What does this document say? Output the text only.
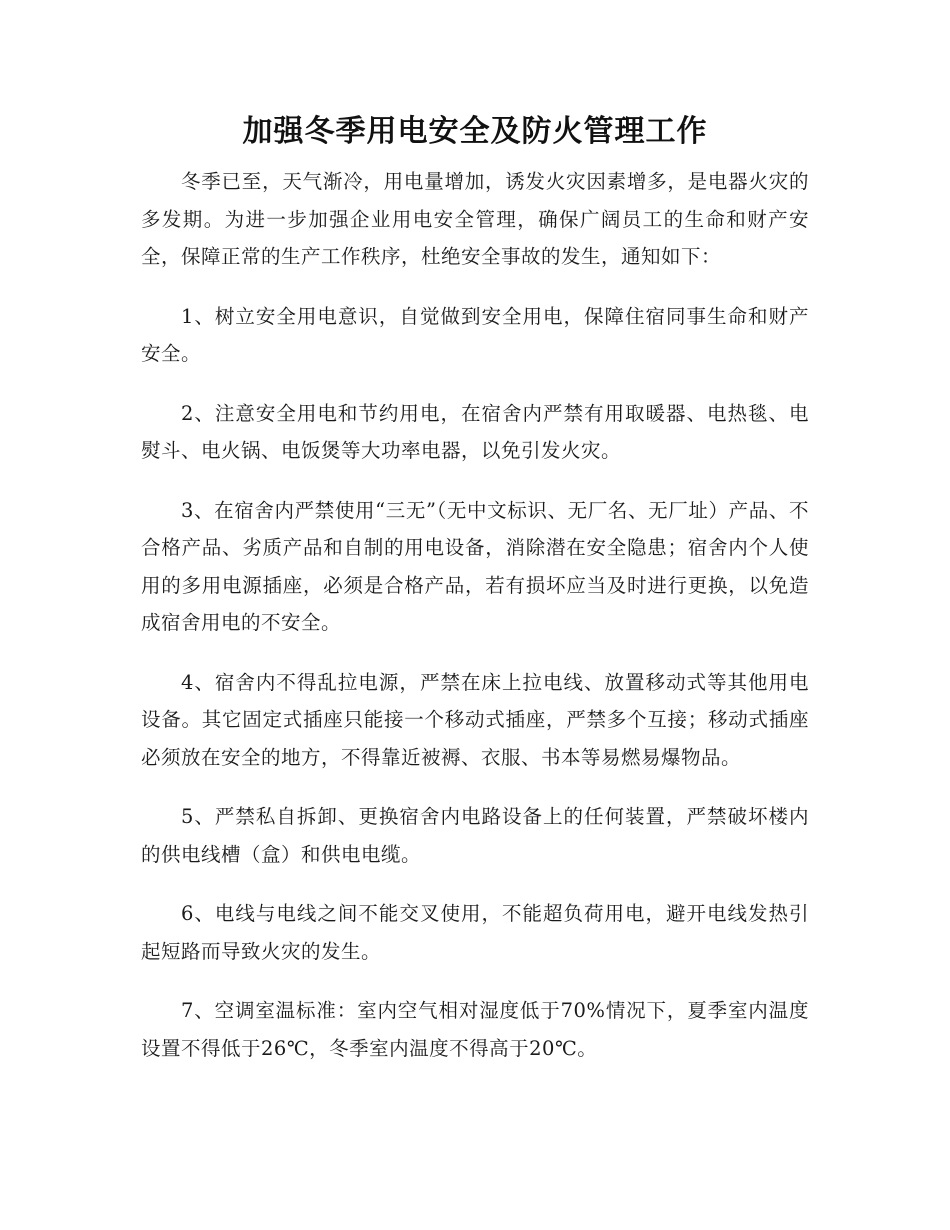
加强冬季用电安全及防火管理工作

冬季已至，天气渐冷，用电量增加，诱发火灾因素增多，是电器火灾的多发期。为进一步加强企业用电安全管理，确保广阔员工的生命和财产安全，保障正常的生产工作秩序，杜绝安全事故的发生，通知如下：

1、树立安全用电意识，自觉做到安全用电，保障住宿同事生命和财产安全。

2、注意安全用电和节约用电，在宿舍内严禁有用取暖器、电热毯、电熨斗、电火锅、电饭煲等大功率电器，以免引发火灾。

3、在宿舍内严禁使用“三无”（无中文标识、无厂名、无厂址）产品、不合格产品、劣质产品和自制的用电设备，消除潜在安全隐患；宿舍内个人使用的多用电源插座，必须是合格产品，若有损坏应当及时进行更换，以免造成宿舍用电的不安全。

4、宿舍内不得乱拉电源，严禁在床上拉电线、放置移动式等其他用电设备。其它固定式插座只能接一个移动式插座，严禁多个互接；移动式插座必须放在安全的地方，不得靠近被褥、衣服、书本等易燃易爆物品。

5、严禁私自拆卸、更换宿舍内电路设备上的任何装置，严禁破坏楼内的供电线槽（盒）和供电电缆。

6、电线与电线之间不能交叉使用，不能超负荷用电，避开电线发热引起短路而导致火灾的发生。

7、空调室温标准：室内空气相对湿度低于70%情况下，夏季室内温度设置不得低于26℃，冬季室内温度不得高于20℃。
